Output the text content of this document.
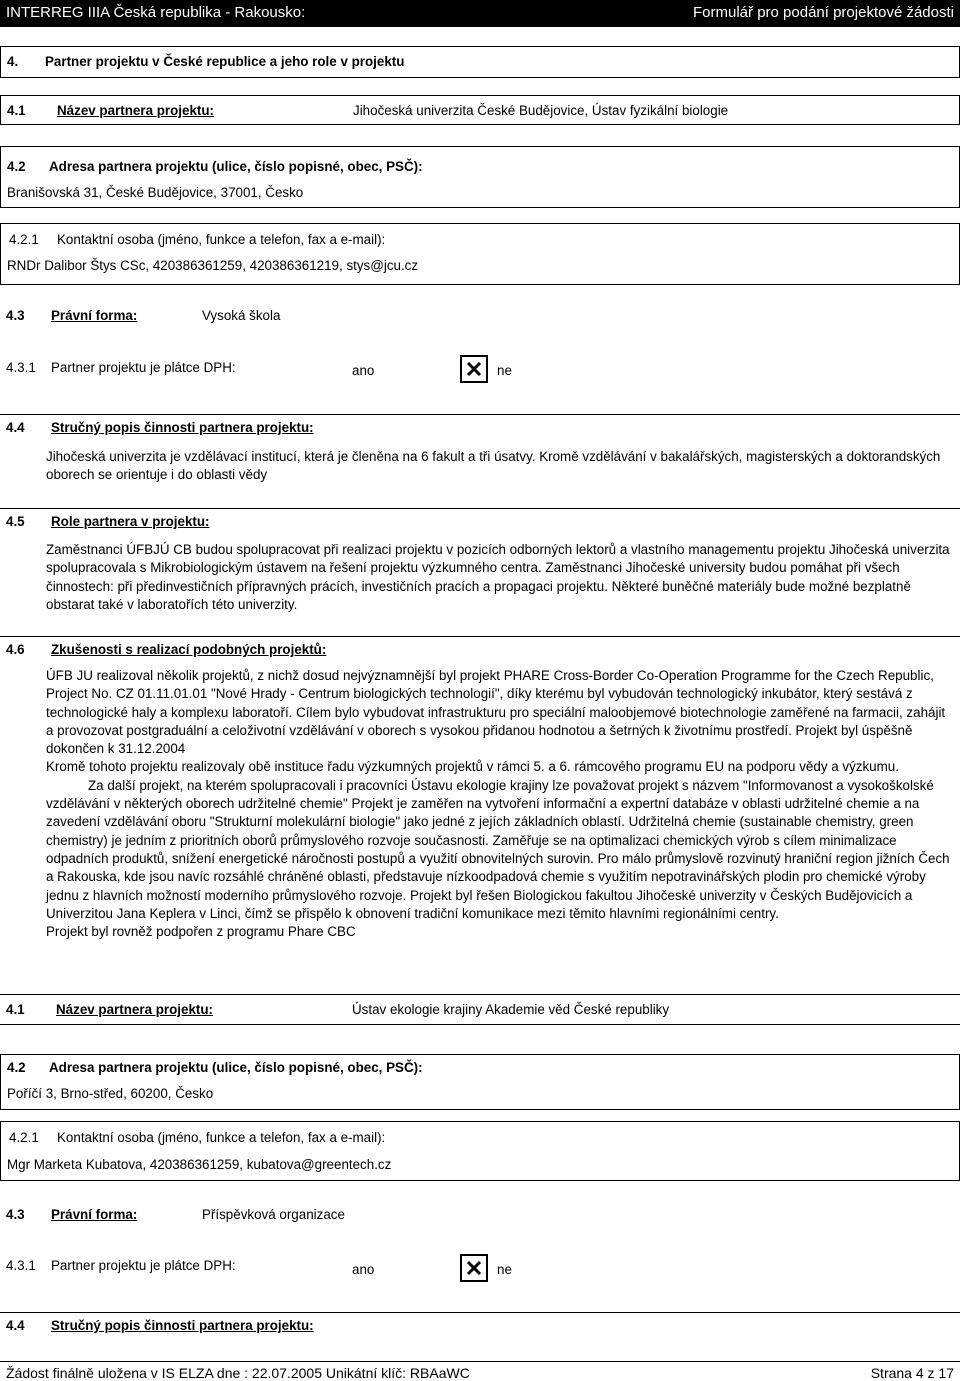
INTERREG IIIA Česká republika - Rakousko:	Formulář pro podání projektové žádosti
4. Partner projektu v České republice a jeho role v projektu
4.1 Název partnera projektu:	Jihočeská univerzita České Budějovice, Ústav fyzikální biologie
4.2 Adresa partnera projektu (ulice, číslo popisné, obec, PSČ):
Branišovská 31, České Budějovice, 37001, Česko
4.2.1 Kontaktní osoba (jméno, funkce a telefon, fax a e-mail):
RNDr Dalibor Štys CSc, 420386361259, 420386361219, stys@jcu.cz
4.3 Právní forma:	Vysoká škola
4.3.1 Partner projektu je plátce DPH:	ano	ne
4.4 Stručný popis činnosti partnera projektu:
Jihočeská univerzita je vzdělávací institucí, která je členěna na 6 fakult a tři úsatvy. Kromě vzdělávání v bakalářských, magisterských a doktorandských oborech se orientuje i do oblasti vědy
4.5 Role partnera v projektu:
Zaměstnanci ÚFBJÚ CB budou spolupracovat při realizaci projektu v pozicích odborných lektorů a vlastního managementu projektu Jihočeská univerzita spolupracovala s Mikrobiologickým ústavem na řešení projektu výzkumného centra. Zaměstnanci Jihočeské university budou pomáhat při všech činnostech: při předinvestičních přípravných prácích, investičních pracích a propagaci projektu. Některé buněčné materiály bude možné bezplatně obstarat také v laboratořích této univerzity.
4.6 Zkušenosti s realizací podobných projektů:

ÚFB JU realizoval několik projektů, z nichž dosud nejvýznamnější byl projekt PHARE Cross-Border Co-Operation Programme for the Czech Republic, Project No. CZ 01.11.01.01 "Nové Hrady - Centrum biologických technologií", díky kterému byl vybudován technologický inkubátor, který sestává z technologické haly a komplexu laboratoří. Cílem bylo vybudovat infrastrukturu pro speciální maloobjemové biotechnologie zaměřené na farmacii, zahájit a provozovat postgraduální a celoživotní vzdělávání v oborech s vysokou přidanou hodnotou a šetrných k životnímu prostředí. Projekt byl úspěšně dokončen k 31.12.2004

Kromě tohoto projektu realizovaly obě instituce řadu výzkumných projektů v rámci 5. a 6. rámcového programu EU na podporu vědy a výzkumu.

Za další projekt, na kterém spolupracovali i pracovníci Ústavu ekologie krajiny lze považovat projekt s názvem "Informovanost a vysokoškolské vzdělávání v některých oborech udržitelné chemie" Projekt je zaměřen na vytvoření informační a expertní databáze v oblasti udržitelné chemie a na zavedení vzdělávání oboru "Strukturní molekulární biologie" jako jedné z jejích základních oblastí. Udržitelná chemie (sustainable chemistry, green chemistry) je jedním z prioritních oborů průmyslového rozvoje současnosti. Zaměřuje se na optimalizaci chemických výrob s cílem minimalizace odpadních produktů, snížení energetické náročnosti postupů a využití obnovitelných surovin. Pro málo průmyslově rozvinutý hraniční region jižních Čech a Rakouska, kde jsou navíc rozsáhlé chráněné oblasti, představuje nízkoodpadová chemie s využitím nepotravinářských plodin pro chemické výroby jednu z hlavních možností moderního průmyslového rozvoje. Projekt byl řešen Biologickou fakultou Jihočeské univerzity v Českých Budějovicích a Univerzitou Jana Keplera v Linci, čímž se přispělo k obnovení tradiční komunikace mezi těmito hlavními regionálními centry.

Projekt byl rovněž podpořen z programu Phare CBC

4.1 Název partnera projektu:	Ústav ekologie krajiny Akademie věd České republiky
4.2 Adresa partnera projektu (ulice, číslo popisné, obec, PSČ):
Poříčí 3, Brno-střed, 60200, Česko
4.2.1 Kontaktní osoba (jméno, funkce a telefon, fax a e-mail):
Mgr Marketa Kubatova, 420386361259, kubatova@greentech.cz
4.3 Právní forma:	Příspěvková organizace
4.3.1 Partner projektu je plátce DPH:	ano	ne
4.4 Stručný popis činnosti partnera projektu:
Žádost finálně uložena v IS ELZA dne : 22.07.2005 Unikátní klíč: RBAaWC	Strana 4 z 17
